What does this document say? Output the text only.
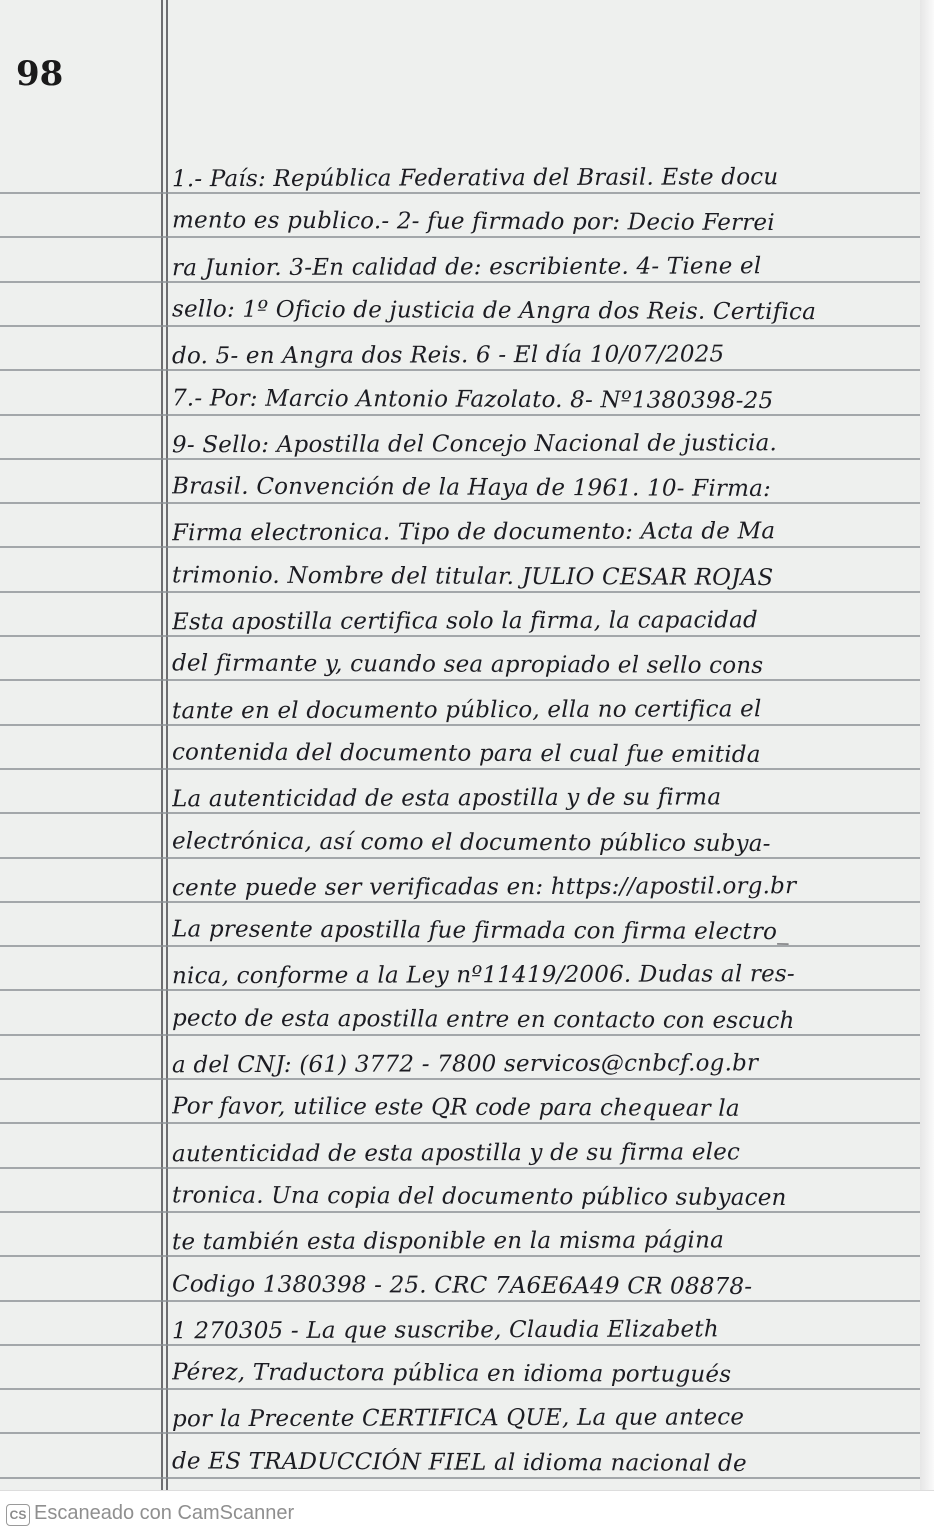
98
1.- País: República Federativa del Brasil. Este docu
mento es publico.- 2- fue firmado por: Decio Ferrei
ra Junior. 3-En calidad de: escribiente. 4- Tiene el
sello: 1º Oficio de justicia de Angra dos Reis. Certifica
do. 5- en Angra dos Reis. 6 - El día 10/07/2025
7.- Por: Marcio Antonio Fazolato. 8- Nº1380398-25
9- Sello: Apostilla del Concejo Nacional de justicia.
Brasil. Convención de la Haya de 1961. 10- Firma:
Firma electronica. Tipo de documento: Acta de Ma
trimonio. Nombre del titular. JULIO CESAR ROJAS
Esta apostilla certifica solo la firma, la capacidad
del firmante y, cuando sea apropiado el sello cons
tante en el documento público, ella no certifica el
contenida del documento para el cual fue emitida
La autenticidad de esta apostilla y de su firma
electrónica, así como el documento público subya-
cente puede ser verificadas en: https://apostil.org.br
La presente apostilla fue firmada con firma electro_
nica, conforme a la Ley nº11419/2006. Dudas al res-
pecto de esta apostilla entre en contacto con escuch
a del CNJ: (61) 3772 - 7800 servicos@cnbcf.og.br
Por favor, utilice este QR code para chequear la
autenticidad de esta apostilla y de su firma elec
tronica. Una copia del documento público subyacen
te también esta disponible en la misma página
Codigo 1380398 - 25. CRC 7A6E6A49 CR 08878-
1 270305 - La que suscribe, Claudia Elizabeth
Pérez, Traductora pública en idioma portugués
por la Precente CERTIFICA QUE, La que antece
de ES TRADUCCIÓN FIEL al idioma nacional de
CS Escaneado con CamScanner
